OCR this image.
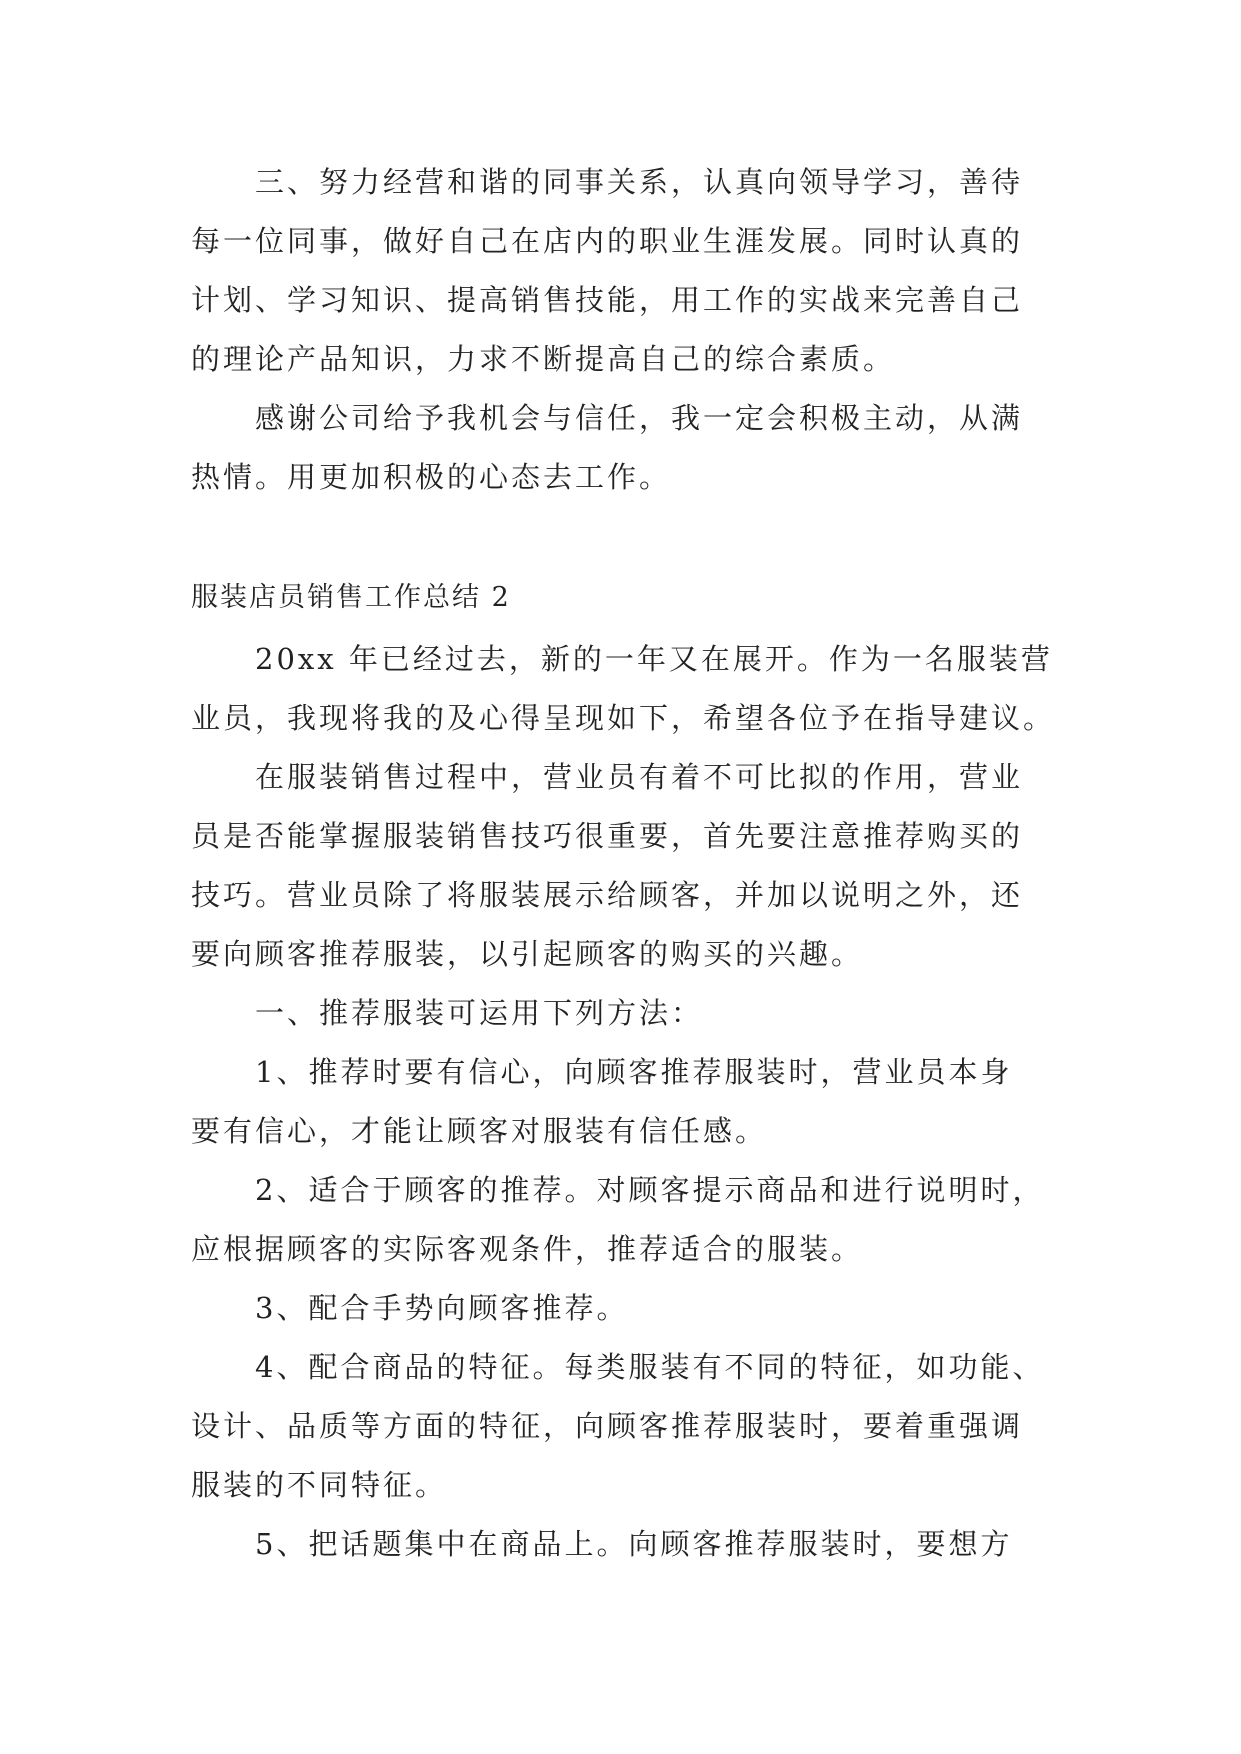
三、努力经营和谐的同事关系，认真向领导学习，善待
每一位同事，做好自己在店内的职业生涯发展。同时认真的
计划、学习知识、提高销售技能，用工作的实战来完善自己
的理论产品知识，力求不断提高自己的综合素质。
感谢公司给予我机会与信任，我一定会积极主动，从满
热情。用更加积极的心态去工作。
服装店员销售工作总结 2
20xx 年已经过去，新的一年又在展开。作为一名服装营
业员，我现将我的及心得呈现如下，希望各位予在指导建议。
在服装销售过程中，营业员有着不可比拟的作用，营业
员是否能掌握服装销售技巧很重要，首先要注意推荐购买的
技巧。营业员除了将服装展示给顾客，并加以说明之外，还
要向顾客推荐服装，以引起顾客的购买的兴趣。
一、推荐服装可运用下列方法：
1、推荐时要有信心，向顾客推荐服装时，营业员本身
要有信心，才能让顾客对服装有信任感。
2、适合于顾客的推荐。对顾客提示商品和进行说明时，
应根据顾客的实际客观条件，推荐适合的服装。
3、配合手势向顾客推荐。
4、配合商品的特征。每类服装有不同的特征，如功能、
设计、品质等方面的特征，向顾客推荐服装时，要着重强调
服装的不同特征。
5、把话题集中在商品上。向顾客推荐服装时，要想方
